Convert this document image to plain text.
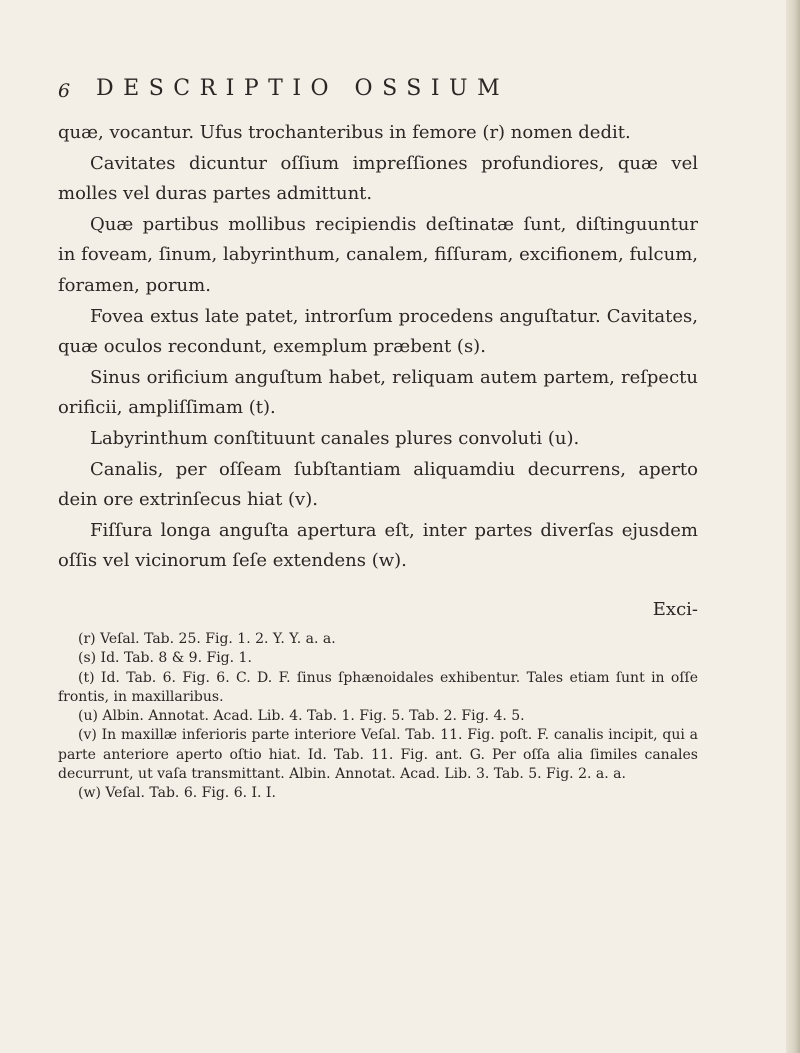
6 DESCRIPTIO OSSIUM

quæ, vocantur. Ufus trochanteribus in femore (r) nomen dedit.

Cavitates dicuntur oſſium impreſſiones profundiores, quæ vel molles vel duras partes admittunt.

Quæ partibus mollibus recipiendis deſtinatæ ſunt, diſtinguuntur in foveam, ſinum, labyrinthum, canalem, fiſſuram, excifionem, fulcum, foramen, porum.

Fovea extus late patet, introrſum procedens anguſtatur. Cavitates, quæ oculos recondunt, exemplum præbent (s).

Sinus orificium anguſtum habet, reliquam autem partem, reſpectu orificii, ampliſſimam (t).

Labyrinthum conſtituunt canales plures convoluti (u).

Canalis, per oſſeam ſubſtantiam aliquamdiu decurrens, aperto dein ore extrinſecus hiat (v).

Fiſſura longa anguſta apertura eſt, inter partes diverſas ejusdem oſſis vel vicinorum ſeſe extendens (w).

Exci-

(r) Veſal. Tab. 25. Fig. 1. 2. Y. Y. a. a.

(s) Id. Tab. 8 & 9. Fig. 1.

(t) Id. Tab. 6. Fig. 6. C. D. F. ſinus ſphænoidales exhibentur. Tales etiam ſunt in oſſe frontis, in maxillaribus.

(u) Albin. Annotat. Acad. Lib. 4. Tab. 1. Fig. 5. Tab. 2. Fig. 4. 5.

(v) In maxillæ inferioris parte interiore Veſal. Tab. 11. Fig. poſt. F. canalis incipit, qui a parte anteriore aperto oſtio hiat. Id. Tab. 11. Fig. ant. G. Per oſſa alia ſimiles canales decurrunt, ut vaſa transmittant. Albin. Annotat. Acad. Lib. 3. Tab. 5. Fig. 2. a. a.

(w) Veſal. Tab. 6. Fig. 6. I. I.
